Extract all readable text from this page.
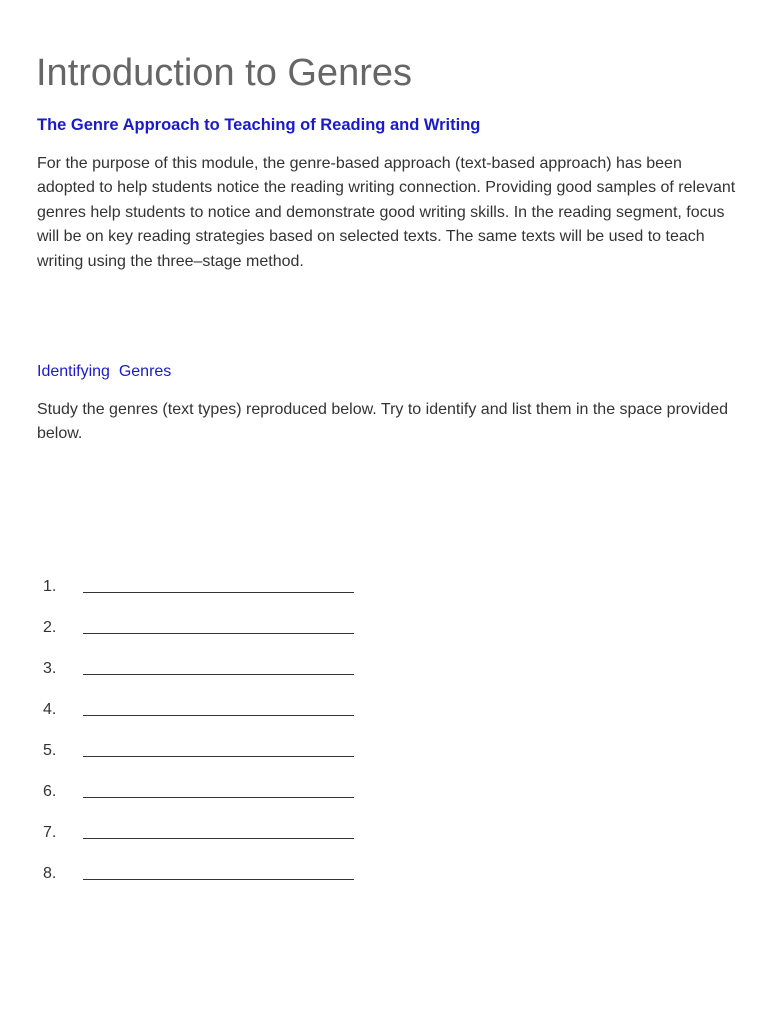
Introduction to Genres
The Genre Approach to Teaching of Reading and Writing

For the purpose of this module, the genre-based approach (text-based approach) has been adopted to help students notice the reading writing connection. Providing good samples of relevant genres help students to notice and demonstrate good writing skills. In the reading segment, focus will be on key reading strategies based on selected texts. The same texts will be used to teach writing using the three–stage method.

Identifying  Genres

Study the genres (text types) reproduced below. Try to identify and list them in the space provided below.

1.
2.
3.
4.
5.
6.
7.
8.
